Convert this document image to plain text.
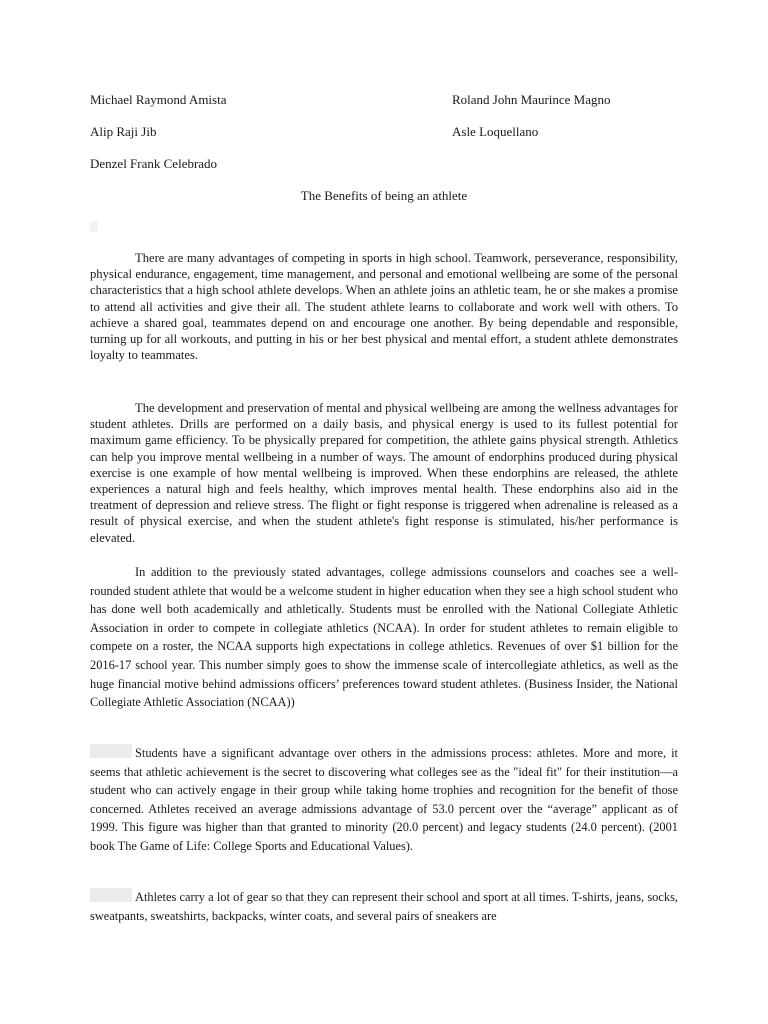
Michael Raymond Amista	Roland John Maurince Magno
Alip Raji Jib	Asle Loquellano
Denzel Frank Celebrado
The Benefits of being an athlete

There are many advantages of competing in sports in high school. Teamwork, perseverance, responsibility, physical endurance, engagement, time management, and personal and emotional wellbeing are some of the personal characteristics that a high school athlete develops. When an athlete joins an athletic team, he or she makes a promise to attend all activities and give their all. The student athlete learns to collaborate and work well with others. To achieve a shared goal, teammates depend on and encourage one another. By being dependable and responsible, turning up for all workouts, and putting in his or her best physical and mental effort, a student athlete demonstrates loyalty to teammates.

The development and preservation of mental and physical wellbeing are among the wellness advantages for student athletes. Drills are performed on a daily basis, and physical energy is used to its fullest potential for maximum game efficiency. To be physically prepared for competition, the athlete gains physical strength. Athletics can help you improve mental wellbeing in a number of ways. The amount of endorphins produced during physical exercise is one example of how mental wellbeing is improved. When these endorphins are released, the athlete experiences a natural high and feels healthy, which improves mental health. These endorphins also aid in the treatment of depression and relieve stress. The flight or fight response is triggered when adrenaline is released as a result of physical exercise, and when the student athlete's fight response is stimulated, his/her performance is elevated.

In addition to the previously stated advantages, college admissions counselors and coaches see a well-rounded student athlete that would be a welcome student in higher education when they see a high school student who has done well both academically and athletically. Students must be enrolled with the National Collegiate Athletic Association in order to compete in collegiate athletics (NCAA). In order for student athletes to remain eligible to compete on a roster, the NCAA supports high expectations in college athletics. Revenues of over $1 billion for the 2016-17 school year. This number simply goes to show the immense scale of intercollegiate athletics, as well as the huge financial motive behind admissions officers’ preferences toward student athletes. (Business Insider, the National Collegiate Athletic Association (NCAA))

Students have a significant advantage over others in the admissions process: athletes. More and more, it seems that athletic achievement is the secret to discovering what colleges see as the "ideal fit" for their institution—a student who can actively engage in their group while taking home trophies and recognition for the benefit of those concerned. Athletes received an average admissions advantage of 53.0 percent over the “average” applicant as of 1999. This figure was higher than that granted to minority (20.0 percent) and legacy students (24.0 percent). (2001 book The Game of Life: College Sports and Educational Values).

Athletes carry a lot of gear so that they can represent their school and sport at all times. T-shirts, jeans, socks, sweatpants, sweatshirts, backpacks, winter coats, and several pairs of sneakers are
